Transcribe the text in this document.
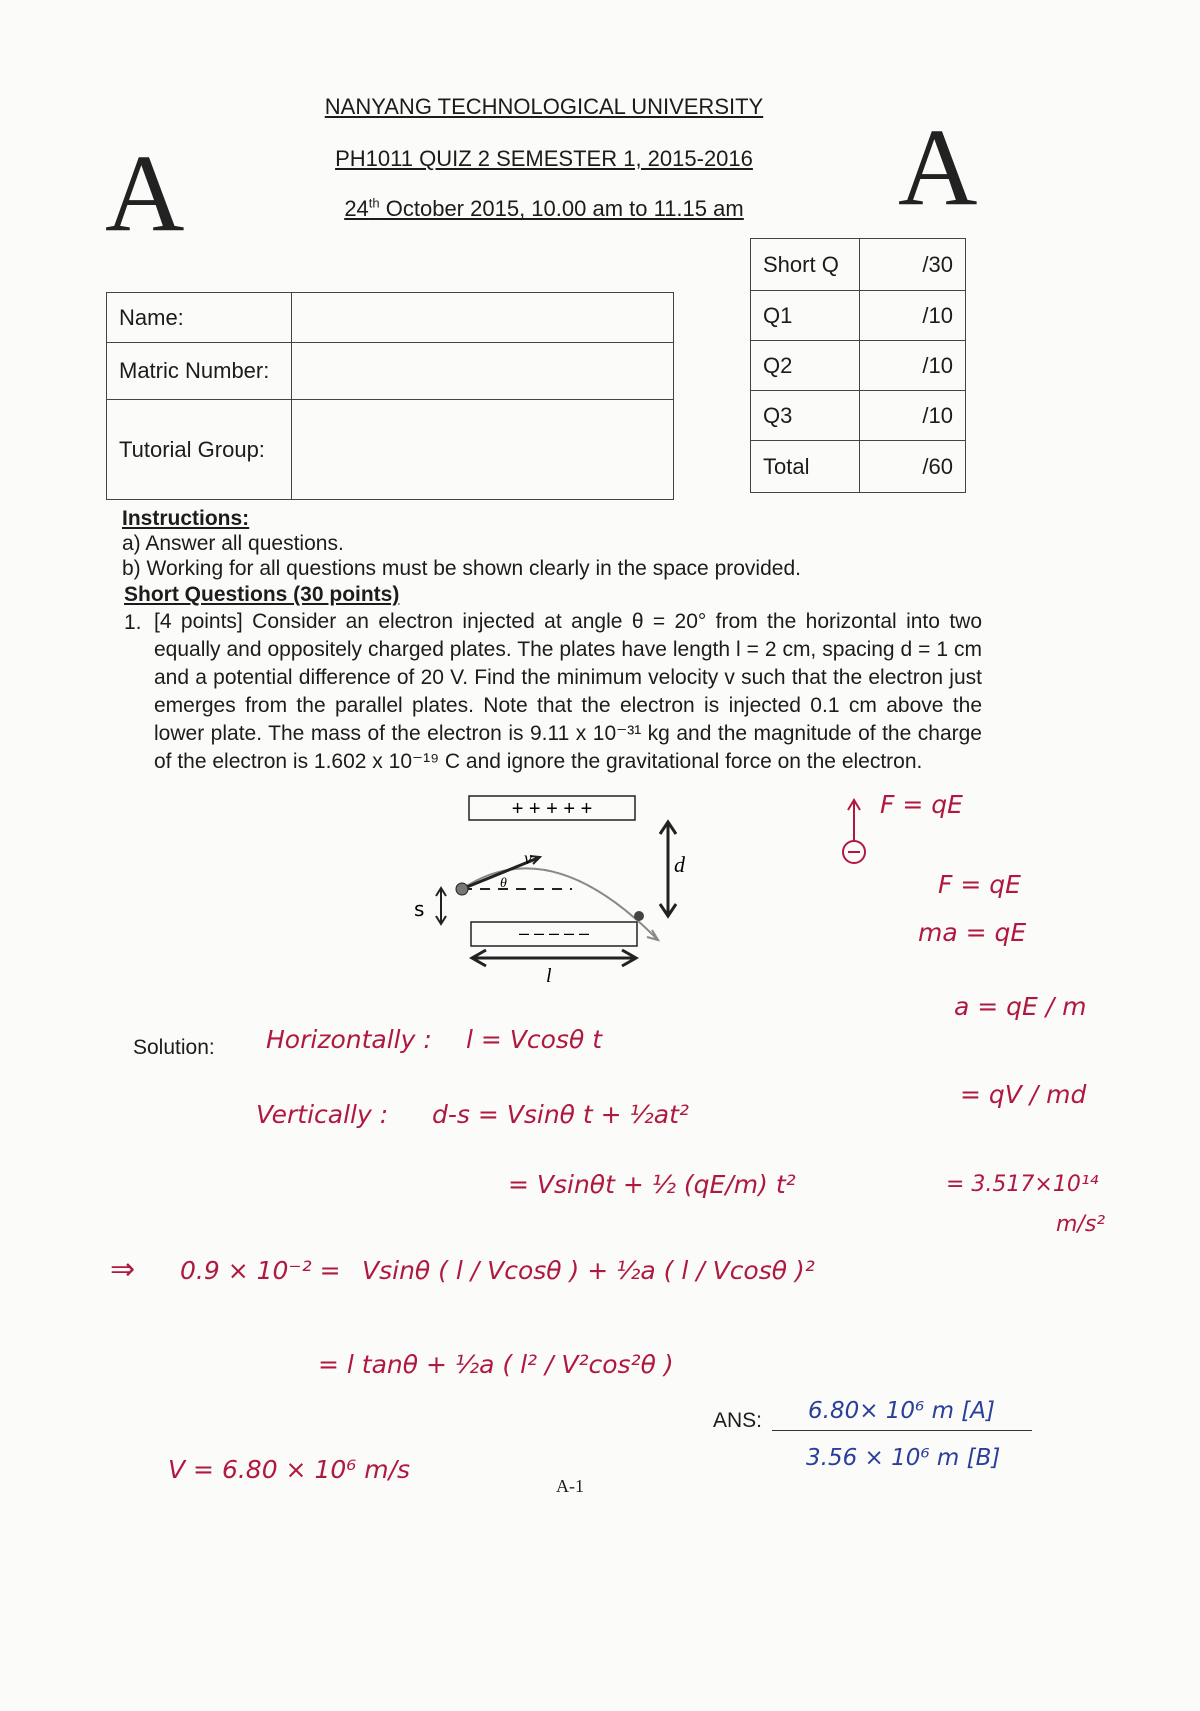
A	A
NANYANG TECHNOLOGICAL UNIVERSITY
PH1011 QUIZ 2 SEMESTER 1, 2015-2016
24th October 2015, 10.00 am to 11.15 am
Name:	
Matric Number:	
Tutorial Group:	
Short Q	/30
Q1	/10
Q2	/10
Q3	/10
Total	/60
Instructions:
a) Answer all questions.
b) Working for all questions must be shown clearly in the space provided.
Short Questions (30 points)
1. [4 points] Consider an electron injected at angle θ = 20° from the horizontal into two equally and oppositely charged plates. The plates have length l = 2 cm, spacing d = 1 cm and a potential difference of 20 V. Find the minimum velocity v such that the electron just emerges from the parallel plates. Note that the electron is injected 0.1 cm above the lower plate. The mass of the electron is 9.11 x 10⁻³¹ kg and the magnitude of the charge of the electron is 1.602 x 10⁻¹⁹ C and ignore the gravitational force on the electron.
+ + + + +
– – – – –
v
θ
d
l
s
F = qE
Solution: Horizontally : l = Vcosθ t
Vertically : d-s = Vsinθ t + ½at²
= Vsinθt + ½ (qE/m) t²
⇒ 0.9 × 10⁻² = Vsinθ ( l / Vcosθ ) + ½a ( l / Vcosθ )²
= l tanθ + ½a ( l² / V²cos²θ )
V = 6.80 × 10⁶ m/s
F = qE
ma = qE
a = qE / m
= qV / md
= 3.517×10¹⁴
m/s²
ANS: 6.80× 10⁶ m [A]
3.56 × 10⁶ m [B]
A-1
